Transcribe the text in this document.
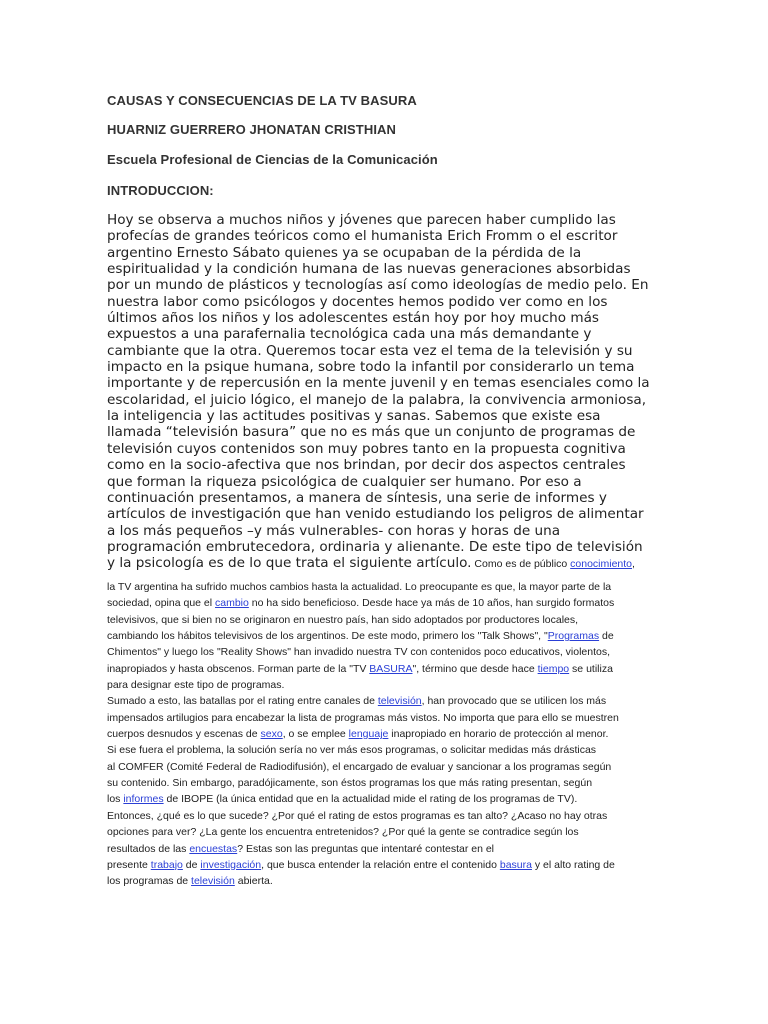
CAUSAS Y CONSECUENCIAS DE LA TV BASURA
HUARNIZ GUERRERO JHONATAN CRISTHIAN
Escuela Profesional de Ciencias de la Comunicación
INTRODUCCION:
Hoy se observa a muchos niños y jóvenes que parecen haber cumplido las
profecías de grandes teóricos como el humanista Erich Fromm o el escritor
argentino Ernesto Sábato quienes ya se ocupaban de la pérdida de la
espiritualidad y la condición humana de las nuevas generaciones absorbidas
por un mundo de plásticos y tecnologías así como ideologías de medio pelo. En
nuestra labor como psicólogos y docentes hemos podido ver como en los
últimos años los niños y los adolescentes están hoy por hoy mucho más
expuestos a una parafernalia tecnológica cada una más demandante y
cambiante que la otra. Queremos tocar esta vez el tema de la televisión y su
impacto en la psique humana, sobre todo la infantil por considerarlo un tema
importante y de repercusión en la mente juvenil y en temas esenciales como la
escolaridad, el juicio lógico, el manejo de la palabra, la convivencia armoniosa,
la inteligencia y las actitudes positivas y sanas. Sabemos que existe esa
llamada “televisión basura” que no es más que un conjunto de programas de
televisión cuyos contenidos son muy pobres tanto en la propuesta cognitiva
como en la socio-afectiva que nos brindan, por decir dos aspectos centrales
que forman la riqueza psicológica de cualquier ser humano. Por eso a
continuación presentamos, a manera de síntesis, una serie de informes y
artículos de investigación que han venido estudiando los peligros de alimentar
a los más pequeños –y más vulnerables- con horas y horas de una
programación embrutecedora, ordinaria y alienante. De este tipo de televisión
y la psicología es de lo que trata el siguiente artículo. Como es de público conocimiento,
la TV argentina ha sufrido muchos cambios hasta la actualidad. Lo preocupante es que, la mayor parte de la
sociedad, opina que el cambio no ha sido beneficioso. Desde hace ya más de 10 años, han surgido formatos
televisivos, que si bien no se originaron en nuestro país, han sido adoptados por productores locales,
cambiando los hábitos televisivos de los argentinos. De este modo, primero los "Talk Shows", "Programas de
Chimentos" y luego los "Reality Shows" han invadido nuestra TV con contenidos poco educativos, violentos,
inapropiados y hasta obscenos. Forman parte de la "TV BASURA", término que desde hace tiempo se utiliza
para designar este tipo de programas.
Sumado a esto, las batallas por el rating entre canales de televisión, han provocado que se utilicen los más
impensados artilugios para encabezar la lista de programas más vistos. No importa que para ello se muestren
cuerpos desnudos y escenas de sexo, o se emplee lenguaje inapropiado en horario de protección al menor.
Si ese fuera el problema, la solución sería no ver más esos programas, o solicitar medidas más drásticas
al COMFER (Comité Federal de Radiodifusión), el encargado de evaluar y sancionar a los programas según
su contenido. Sin embargo, paradójicamente, son éstos programas los que más rating presentan, según
los informes de IBOPE (la única entidad que en la actualidad mide el rating de los programas de TV).
Entonces, ¿qué es lo que sucede? ¿Por qué el rating de estos programas es tan alto? ¿Acaso no hay otras
opciones para ver? ¿La gente los encuentra entretenidos? ¿Por qué la gente se contradice según los
resultados de las encuestas? Estas son las preguntas que intentaré contestar en el
presente trabajo de investigación, que busca entender la relación entre el contenido basura y el alto rating de
los programas de televisión abierta.
